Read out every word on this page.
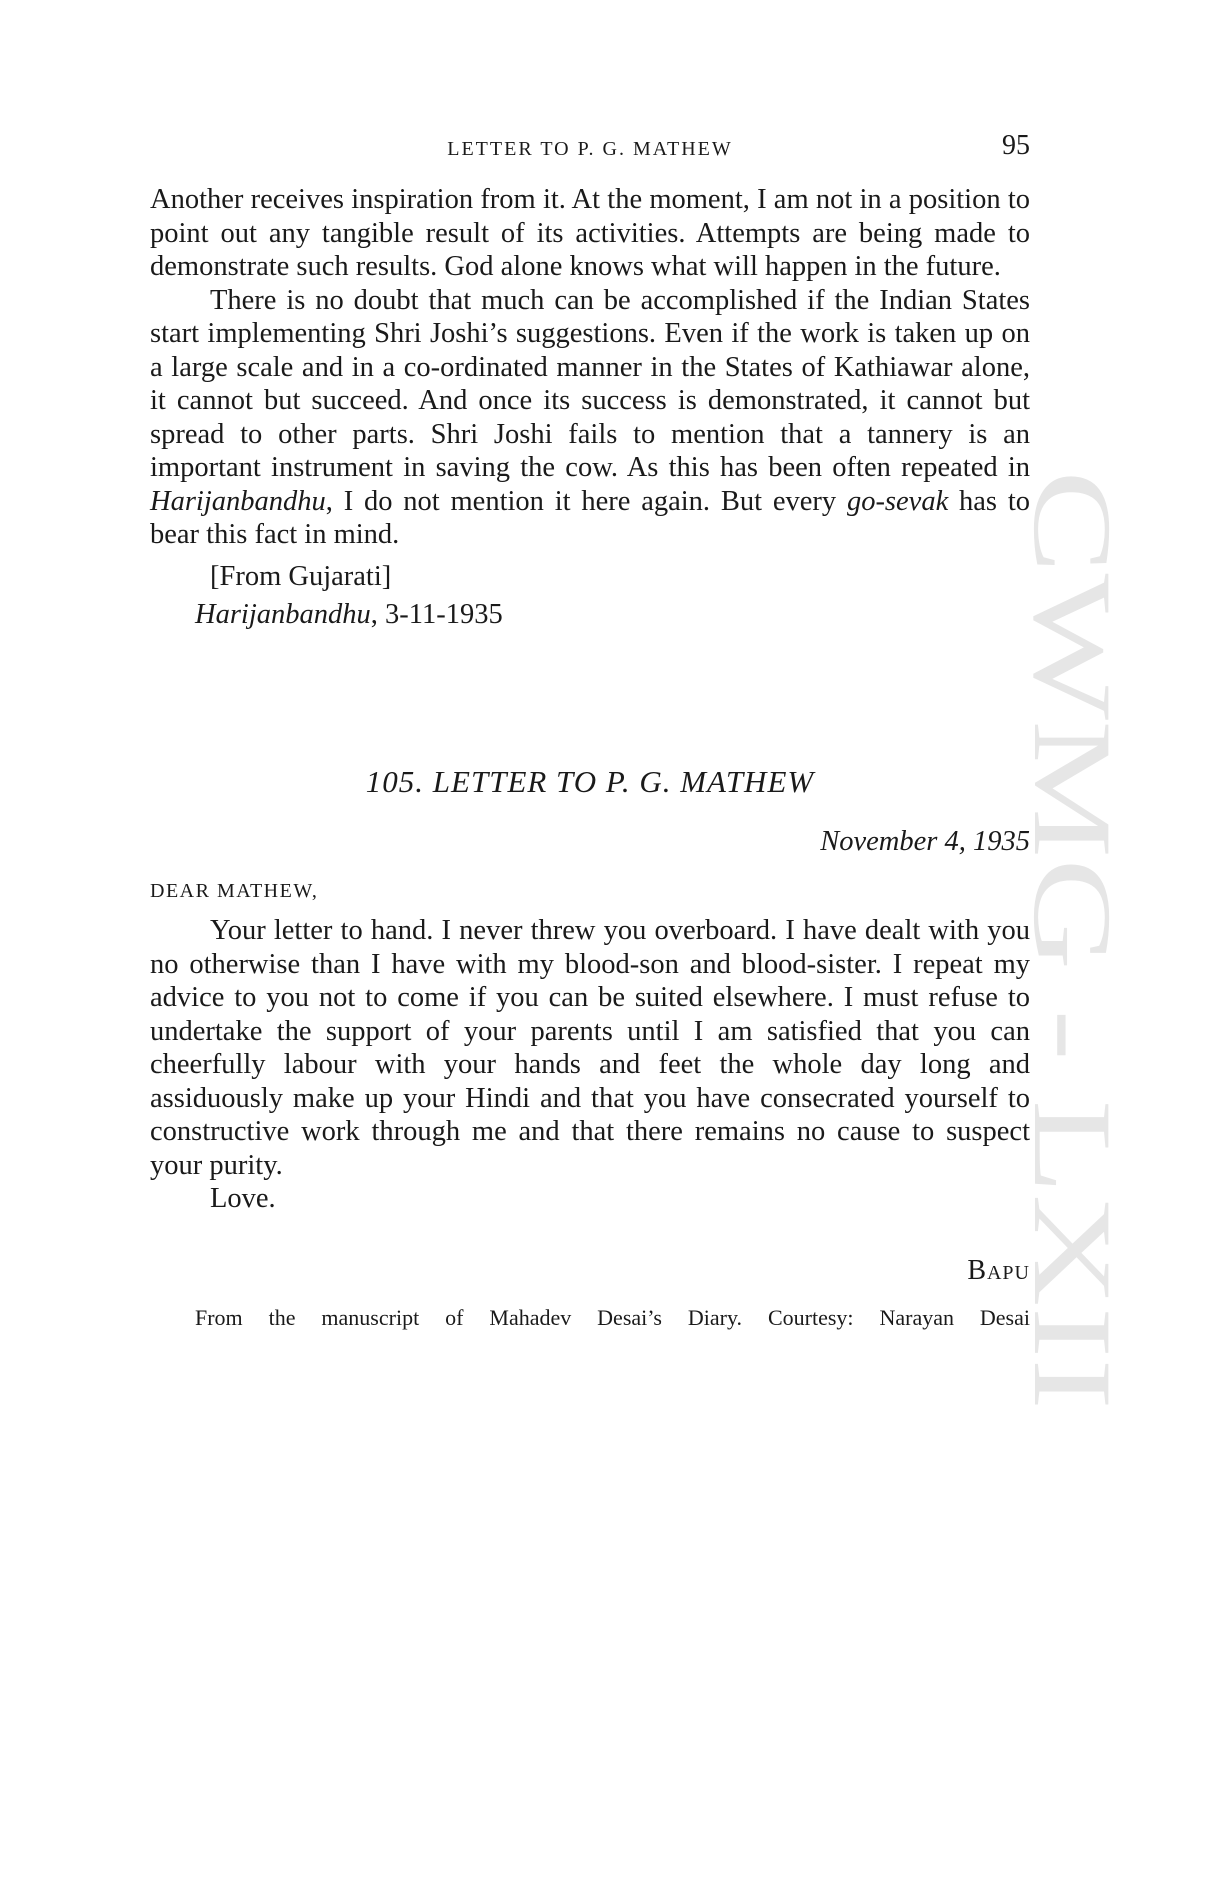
CWMG - LXII
LETTER TO P. G. MATHEW	95

Another receives inspiration from it. At the moment, I am not in a position to point out any tangible result of its activities. Attempts are being made to demonstrate such results. God alone knows what will happen in the future.

There is no doubt that much can be accomplished if the Indian States start implementing Shri Joshi’s suggestions. Even if the work is taken up on a large scale and in a co-ordinated manner in the States of Kathiawar alone, it cannot but succeed. And once its success is demonstrated, it cannot but spread to other parts. Shri Joshi fails to mention that a tannery is an important instrument in saving the cow. As this has been often repeated in Harijanbandhu, I do not mention it here again. But every go-sevak has to bear this fact in mind.

[From Gujarati]

Harijanbandhu, 3-11-1935

105. LETTER TO P. G. MATHEW
November 4, 1935
DEAR MATHEW,

Your letter to hand. I never threw you overboard. I have dealt with you no otherwise than I have with my blood-son and blood-sister. I repeat my advice to you not to come if you can be suited elsewhere. I must refuse to undertake the support of your parents until I am satisfied that you can cheerfully labour with your hands and feet the whole day long and assiduously make up your Hindi and that you have consecrated yourself to constructive work through me and that there remains no cause to suspect your purity.

Love.

Bapu
From the manuscript of Mahadev Desai’s Diary. Courtesy: Narayan Desai
